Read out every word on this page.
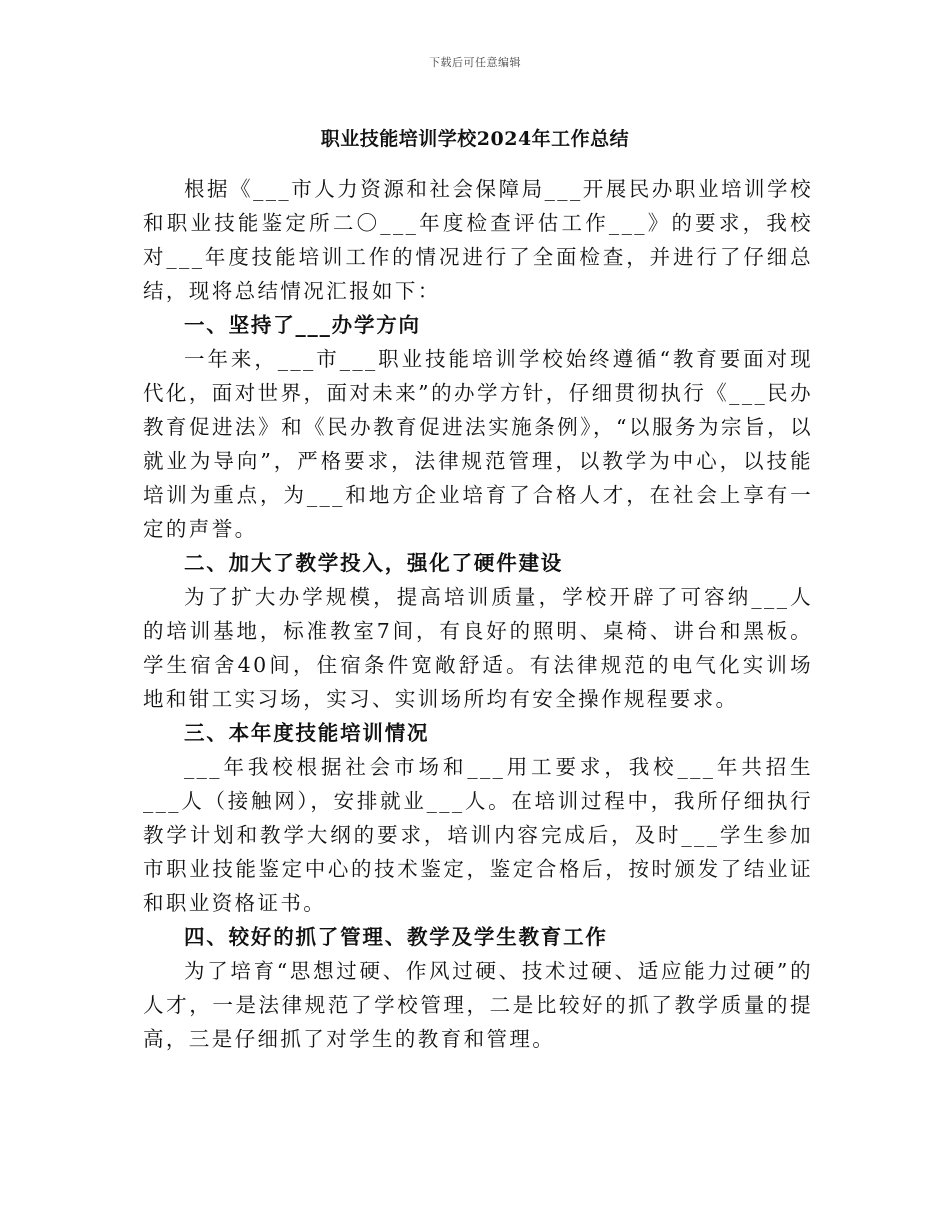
下载后可任意编辑
职业技能培训学校2024年工作总结

根据《___市人力资源和社会保障局___开展民办职业培训学校和职业技能鉴定所二〇___年度检查评估工作___》的要求，我校对___年度技能培训工作的情况进行了全面检查，并进行了仔细总结，现将总结情况汇报如下：

一、坚持了___办学方向

一年来，___市___职业技能培训学校始终遵循“教育要面对现代化，面对世界，面对未来”的办学方针，仔细贯彻执行《___民办教育促进法》和《民办教育促进法实施条例》，“以服务为宗旨，以就业为导向”，严格要求，法律规范管理，以教学为中心，以技能培训为重点，为___和地方企业培育了合格人才，在社会上享有一定的声誉。

二、加大了教学投入，强化了硬件建设

为了扩大办学规模，提高培训质量，学校开辟了可容纳___人的培训基地，标准教室7间，有良好的照明、桌椅、讲台和黑板。学生宿舍40间，住宿条件宽敞舒适。有法律规范的电气化实训场地和钳工实习场，实习、实训场所均有安全操作规程要求。

三、本年度技能培训情况

___年我校根据社会市场和___用工要求，我校___年共招生___人（接触网），安排就业___人。在培训过程中，我所仔细执行教学计划和教学大纲的要求，培训内容完成后，及时___学生参加市职业技能鉴定中心的技术鉴定，鉴定合格后，按时颁发了结业证和职业资格证书。

四、较好的抓了管理、教学及学生教育工作

为了培育“思想过硬、作风过硬、技术过硬、适应能力过硬”的人才，一是法律规范了学校管理，二是比较好的抓了教学质量的提高，三是仔细抓了对学生的教育和管理。
